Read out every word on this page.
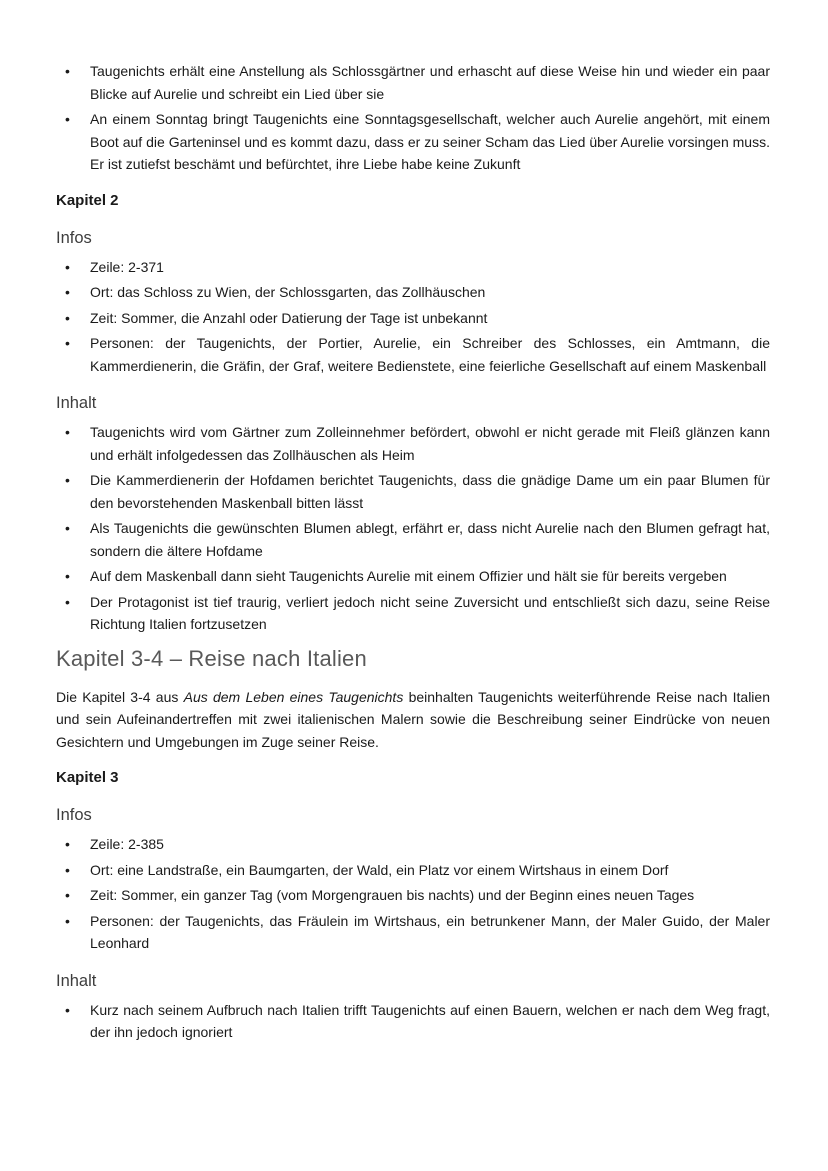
• Taugenichts erhält eine Anstellung als Schlossgärtner und erhascht auf diese Weise hin und wieder ein paar Blicke auf Aurelie und schreibt ein Lied über sie
• An einem Sonntag bringt Taugenichts eine Sonntagsgesellschaft, welcher auch Aurelie angehört, mit einem Boot auf die Garteninsel und es kommt dazu, dass er zu seiner Scham das Lied über Aurelie vorsingen muss. Er ist zutiefst beschämt und befürchtet, ihre Liebe habe keine Zukunft
Kapitel 2
Infos
• Zeile: 2-371
• Ort: das Schloss zu Wien, der Schlossgarten, das Zollhäuschen
• Zeit: Sommer, die Anzahl oder Datierung der Tage ist unbekannt
• Personen: der Taugenichts, der Portier, Aurelie, ein Schreiber des Schlosses, ein Amtmann, die Kammerdienerin, die Gräfin, der Graf, weitere Bedienstete, eine feierliche Gesellschaft auf einem Maskenball
Inhalt
• Taugenichts wird vom Gärtner zum Zolleinnehmer befördert, obwohl er nicht gerade mit Fleiß glänzen kann und erhält infolgedessen das Zollhäuschen als Heim
• Die Kammerdienerin der Hofdamen berichtet Taugenichts, dass die gnädige Dame um ein paar Blumen für den bevorstehenden Maskenball bitten lässt
• Als Taugenichts die gewünschten Blumen ablegt, erfährt er, dass nicht Aurelie nach den Blumen gefragt hat, sondern die ältere Hofdame
• Auf dem Maskenball dann sieht Taugenichts Aurelie mit einem Offizier und hält sie für bereits vergeben
• Der Protagonist ist tief traurig, verliert jedoch nicht seine Zuversicht und entschließt sich dazu, seine Reise Richtung Italien fortzusetzen
Kapitel 3-4 – Reise nach Italien

Die Kapitel 3-4 aus Aus dem Leben eines Taugenichts beinhalten Taugenichts weiterführende Reise nach Italien und sein Aufeinandertreffen mit zwei italienischen Malern sowie die Beschreibung seiner Eindrücke von neuen Gesichtern und Umgebungen im Zuge seiner Reise.

Kapitel 3
Infos
• Zeile: 2-385
• Ort: eine Landstraße, ein Baumgarten, der Wald, ein Platz vor einem Wirtshaus in einem Dorf
• Zeit: Sommer, ein ganzer Tag (vom Morgengrauen bis nachts) und der Beginn eines neuen Tages
• Personen: der Taugenichts, das Fräulein im Wirtshaus, ein betrunkener Mann, der Maler Guido, der Maler Leonhard
Inhalt
• Kurz nach seinem Aufbruch nach Italien trifft Taugenichts auf einen Bauern, welchen er nach dem Weg fragt, der ihn jedoch ignoriert
